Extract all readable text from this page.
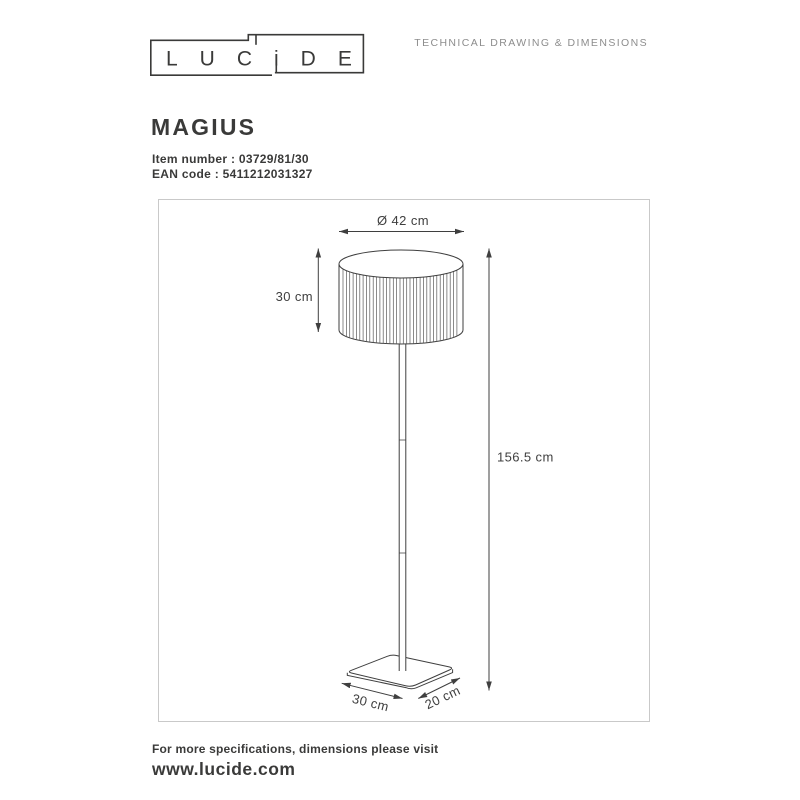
LUCiDE
TECHNICAL DRAWING & DIMENSIONS
MAGIUS
Item number : 03729/81/30
EAN code : 5411212031327
Ø 42 cm
30 cm
156.5 cm
30 cm 20 cm
For more specifications, dimensions please visit
www.lucide.com
